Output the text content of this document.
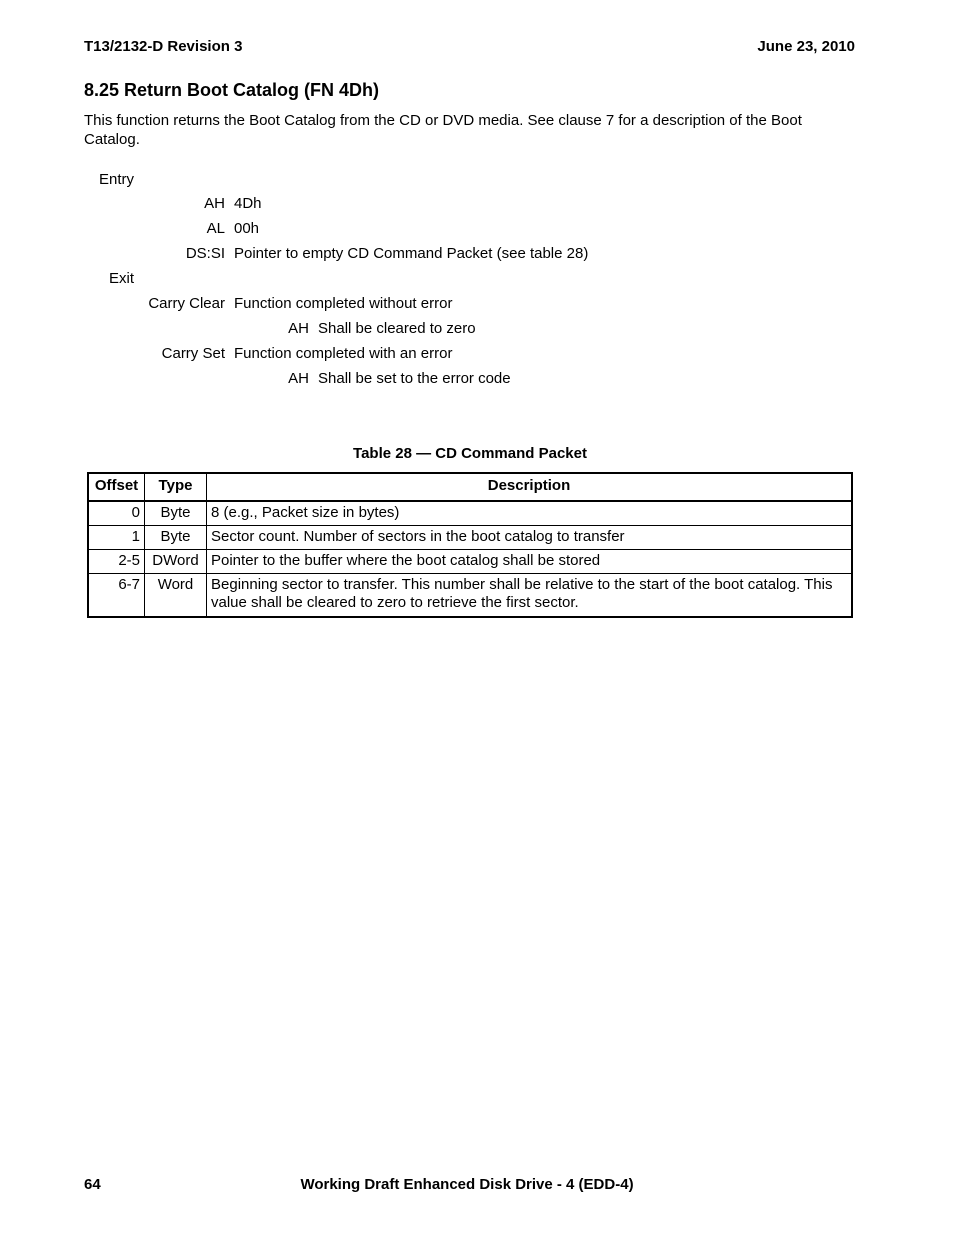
T13/2132-D Revision 3	June 23, 2010
8.25 Return Boot Catalog (FN 4Dh)
This function returns the Boot Catalog from the CD or DVD media. See clause 7 for a description of the Boot Catalog.
Entry
AH 4Dh
AL 00h
DS:SI Pointer to empty CD Command Packet (see table 28)
Exit
Carry Clear Function completed without error
AH Shall be cleared to zero
Carry Set Function completed with an error
AH Shall be set to the error code
Table 28 — CD Command Packet
Offset	Type	Description
0	Byte	8 (e.g., Packet size in bytes)
1	Byte	Sector count. Number of sectors in the boot catalog to transfer
2-5	DWord	Pointer to the buffer where the boot catalog shall be stored
6-7	Word	Beginning sector to transfer. This number shall be relative to the start of the boot catalog. This value shall be cleared to zero to retrieve the first sector.
64	Working Draft Enhanced Disk Drive - 4 (EDD-4)
